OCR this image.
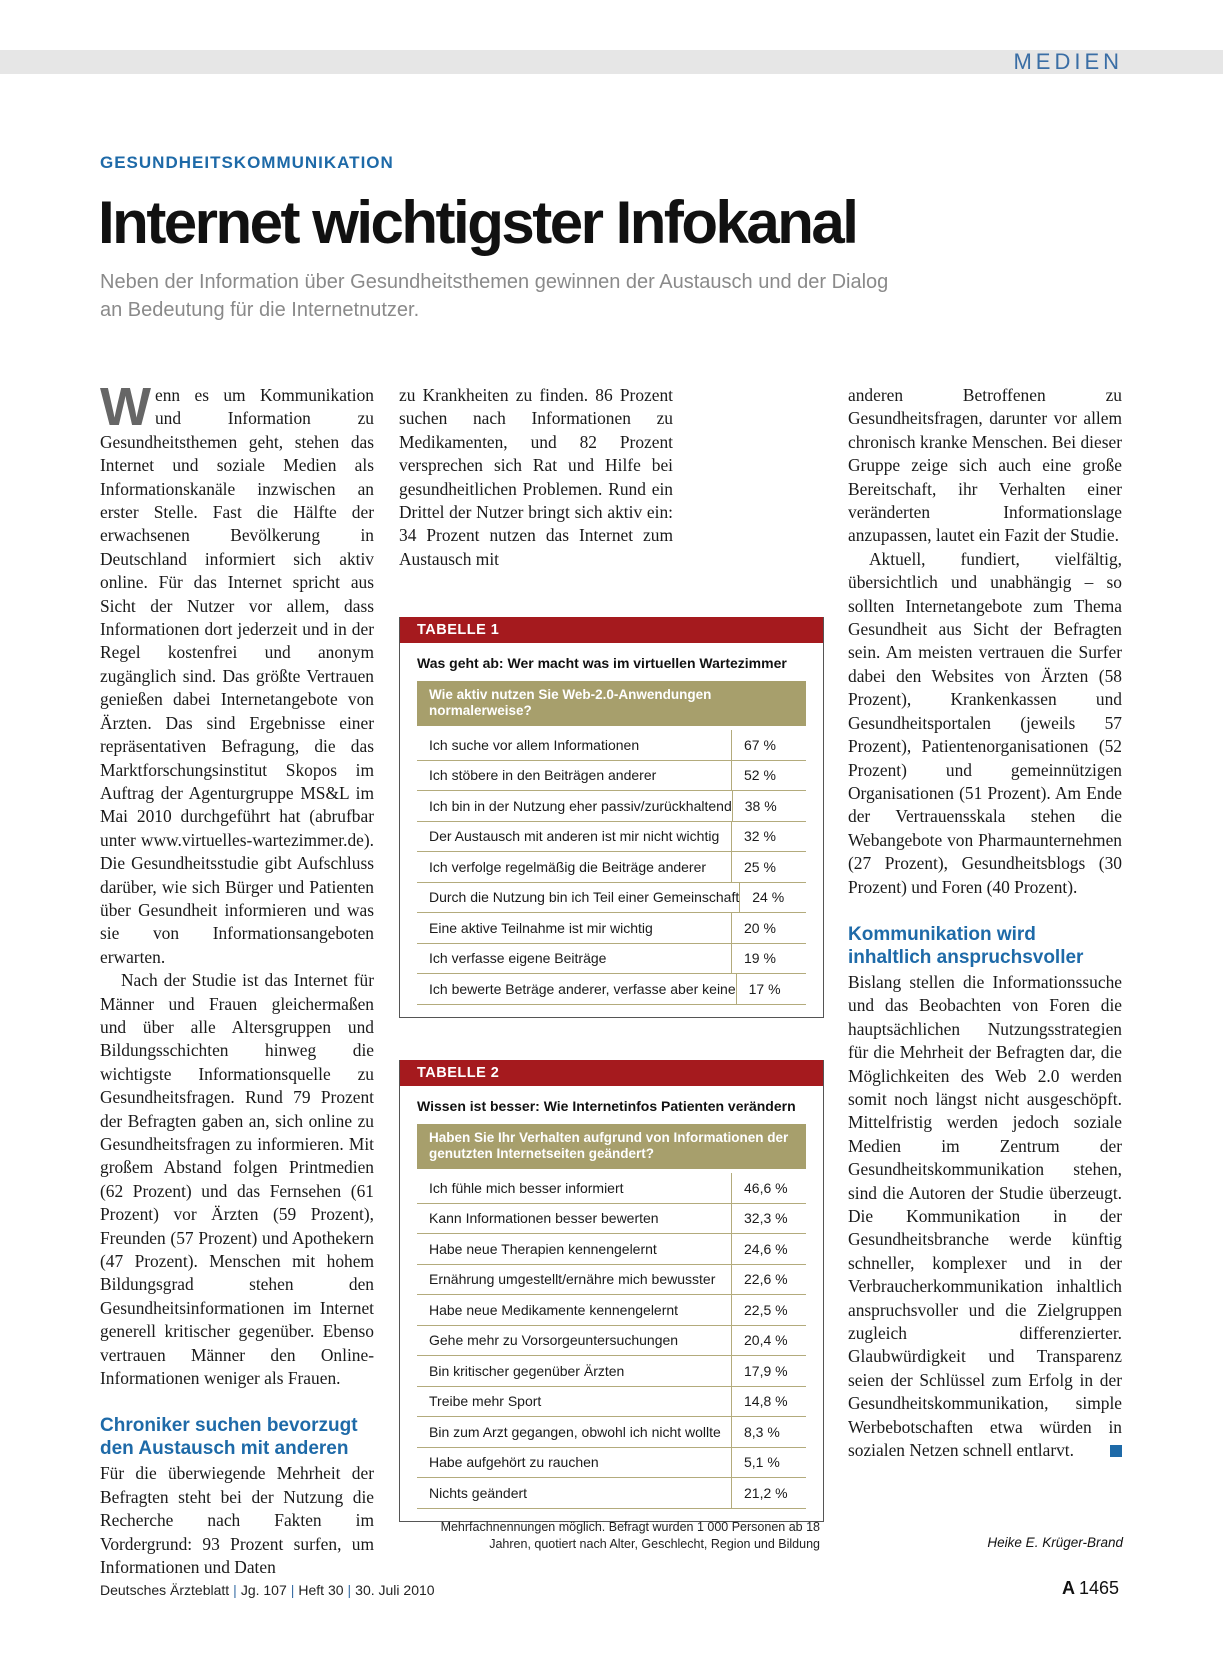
MEDIEN
GESUNDHEITSKOMMUNIKATION
Internet wichtigster Infokanal
Neben der Information über Gesundheitsthemen gewinnen der Austausch und der Dialog an Bedeutung für die Internetnutzer.

Wenn es um Kommunikation und Information zu Gesundheitsthemen geht, stehen das Internet und soziale Medien als Informationskanäle inzwischen an erster Stelle. Fast die Hälfte der erwachsenen Bevölkerung in Deutschland informiert sich aktiv online. Für das Internet spricht aus Sicht der Nutzer vor allem, dass Informationen dort jederzeit und in der Regel kostenfrei und anonym zugänglich sind. Das größte Vertrauen genießen dabei Internetangebote von Ärzten. Das sind Ergebnisse einer repräsentativen Befragung, die das Marktforschungsinstitut Skopos im Auftrag der Agenturgruppe MS&L im Mai 2010 durchgeführt hat (abrufbar unter www.virtuelles-wartezimmer.de). Die Gesundheitsstudie gibt Aufschluss darüber, wie sich Bürger und Patienten über Gesundheit informieren und was sie von Informationsangeboten erwarten.

Nach der Studie ist das Internet für Männer und Frauen gleichermaßen und über alle Altersgruppen und Bildungsschichten hinweg die wichtigste Informationsquelle zu Gesundheitsfragen. Rund 79 Prozent der Befragten gaben an, sich online zu Gesundheitsfragen zu informieren. Mit großem Abstand folgen Printmedien (62 Prozent) und das Fernsehen (61 Prozent) vor Ärzten (59 Prozent), Freunden (57 Prozent) und Apothekern (47 Prozent). Menschen mit hohem Bildungsgrad stehen den Gesundheitsinformationen im Internet generell kritischer gegenüber. Ebenso vertrauen Männer den Online-Informationen weniger als Frauen.

Chroniker suchen bevorzugt den Austausch mit anderen

Für die überwiegende Mehrheit der Befragten steht bei der Nutzung die Recherche nach Fakten im Vordergrund: 93 Prozent surfen, um Informationen und Daten

zu Krankheiten zu finden. 86 Prozent suchen nach Informationen zu Medikamenten, und 82 Prozent versprechen sich Rat und Hilfe bei gesundheitlichen Problemen. Rund ein Drittel der Nutzer bringt sich aktiv ein: 34 Prozent nutzen das Internet zum Austausch mit

anderen Betroffenen zu Gesundheitsfragen, darunter vor allem chronisch kranke Menschen. Bei dieser Gruppe zeige sich auch eine große Bereitschaft, ihr Verhalten einer veränderten Informationslage anzupassen, lautet ein Fazit der Studie.

Aktuell, fundiert, vielfältig, übersichtlich und unabhängig – so sollten Internetangebote zum Thema Gesundheit aus Sicht der Befragten sein. Am meisten vertrauen die Surfer dabei den Websites von Ärzten (58 Prozent), Krankenkassen und Gesundheitsportalen (jeweils 57 Prozent), Patientenorganisationen (52 Prozent) und gemeinnützigen Organisationen (51 Prozent). Am Ende der Vertrauensskala stehen die Webangebote von Pharmaunternehmen (27 Prozent), Gesundheitsblogs (30 Prozent) und Foren (40 Prozent).

Kommunikation wird inhaltlich anspruchsvoller

Bislang stellen die Informationssuche und das Beobachten von Foren die hauptsächlichen Nutzungsstrategien für die Mehrheit der Befragten dar, die Möglichkeiten des Web 2.0 werden somit noch längst nicht ausgeschöpft. Mittelfristig werden jedoch soziale Medien im Zentrum der Gesundheitskommunikation stehen, sind die Autoren der Studie überzeugt. Die Kommunikation in der Gesundheitsbranche werde künftig schneller, komplexer und in der Verbraucherkommunikation inhaltlich anspruchsvoller und die Zielgruppen zugleich differenzierter. Glaubwürdigkeit und Transparenz seien der Schlüssel zum Erfolg in der Gesundheitskommunikation, simple Werbebotschaften etwa würden in sozialen Netzen schnell entlarvt.

TABELLE 1
Was geht ab: Wer macht was im virtuellen Wartezimmer
Wie aktiv nutzen Sie Web-2.0-Anwendungen normalerweise?
Ich suche vor allem Informationen	67 %
Ich stöbere in den Beiträgen anderer	52 %
Ich bin in der Nutzung eher passiv/zurückhaltend 38 %
Der Austausch mit anderen ist mir nicht wichtig	32 %
Ich verfolge regelmäßig die Beiträge anderer	25 %
Durch die Nutzung bin ich Teil einer Gemeinschaft 24 %
Eine aktive Teilnahme ist mir wichtig	20 %
Ich verfasse eigene Beiträge	19 %
Ich bewerte Beträge anderer, verfasse aber keine 17 %
TABELLE 2
Wissen ist besser: Wie Internetinfos Patienten verändern
Haben Sie Ihr Verhalten aufgrund von Informationen der genutzten Internetseiten geändert?
Ich fühle mich besser informiert	46,6 %
Kann Informationen besser bewerten	32,3 %
Habe neue Therapien kennengelernt	24,6 %
Ernährung umgestellt/ernähre mich bewusster	22,6 %
Habe neue Medikamente kennengelernt	22,5 %
Gehe mehr zu Vorsorgeuntersuchungen	20,4 %
Bin kritischer gegenüber Ärzten	17,9 %
Treibe mehr Sport	14,8 %
Bin zum Arzt gegangen, obwohl ich nicht wollte	8,3 %
Habe aufgehört zu rauchen	5,1 %
Nichts geändert	21,2 %
Mehrfachnennungen möglich. Befragt wurden 1 000 Personen ab 18 Jahren, quotiert nach Alter, Geschlecht, Region und Bildung	Heike E. Krüger-Brand
Deutsches Ärzteblatt | Jg. 107 | Heft 30 | 30. Juli 2010	A 1465
